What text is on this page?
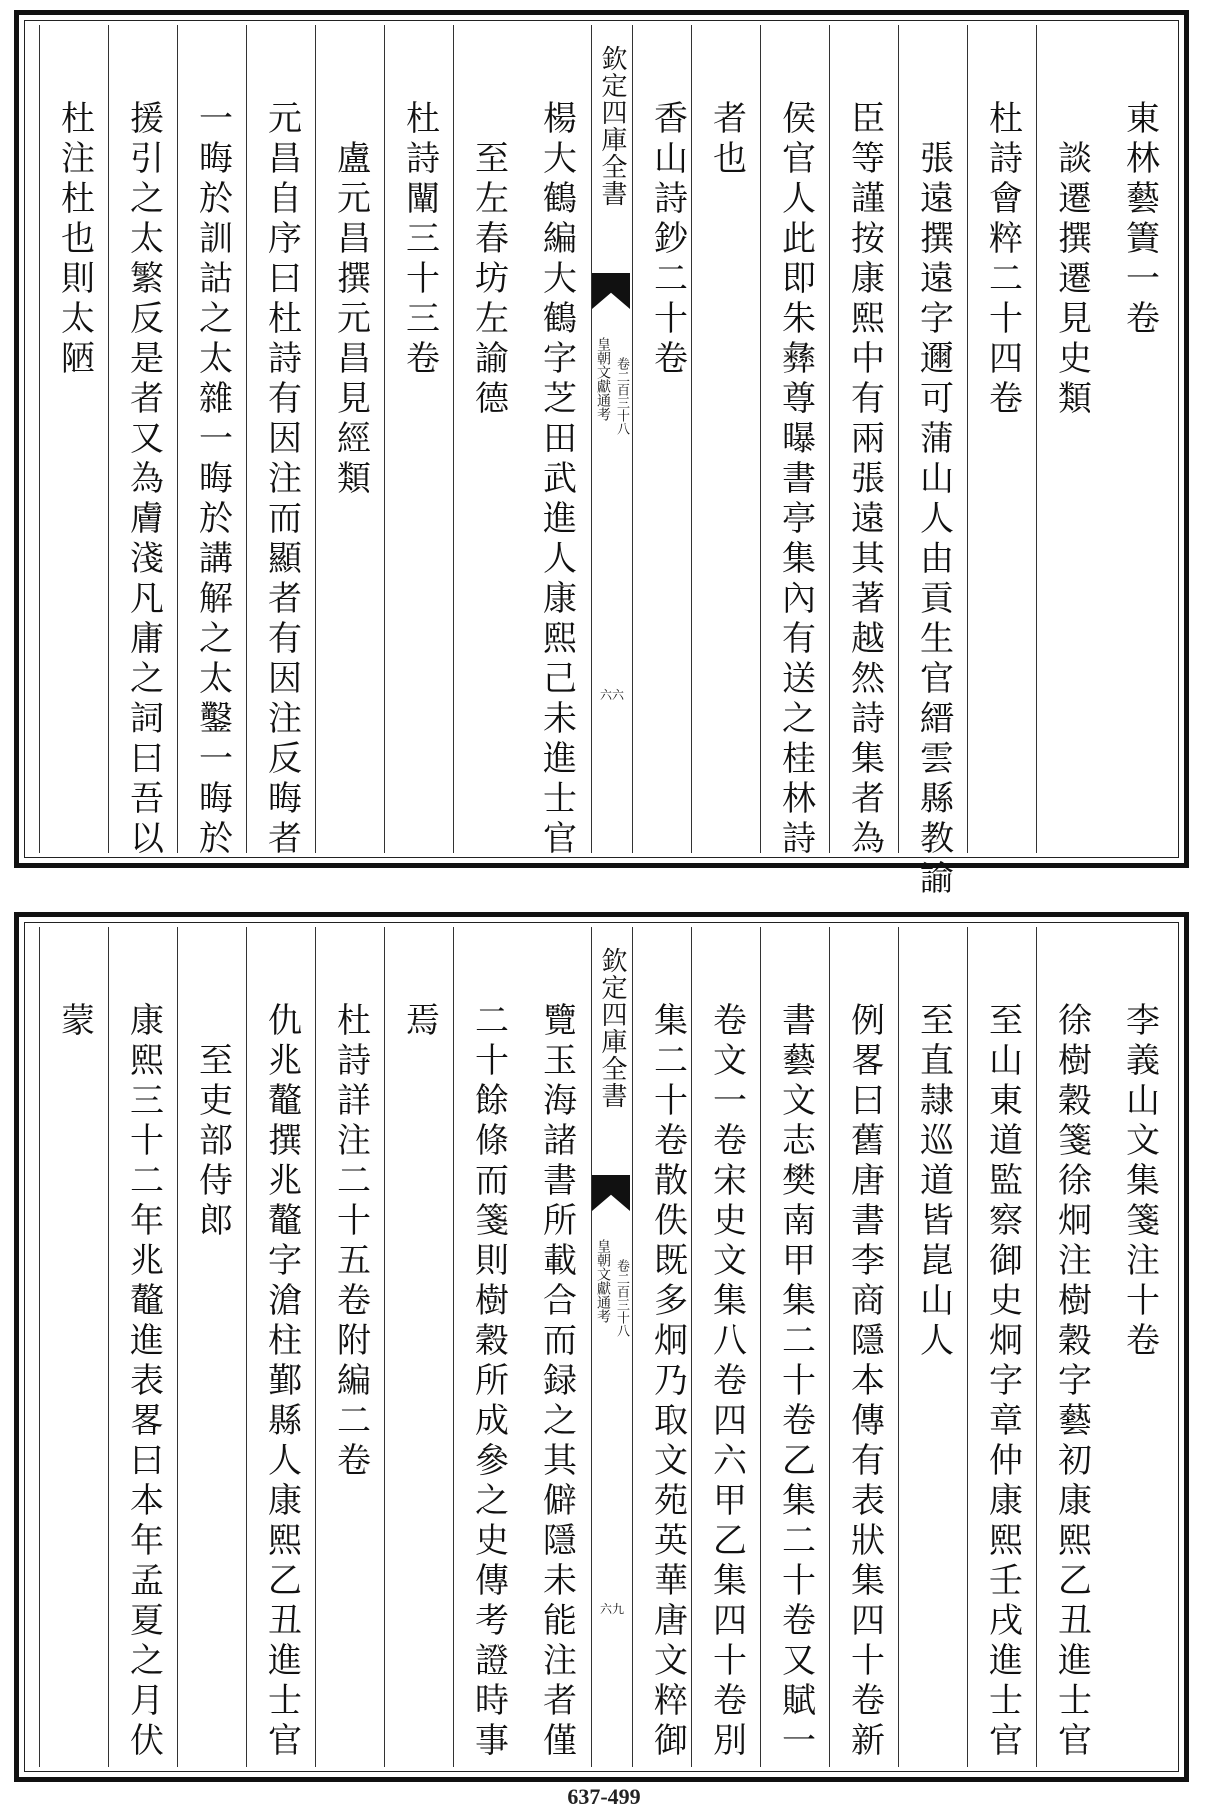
東林藝簀一卷
談遷撰遷見史類
杜詩會粹二十四卷
張遠撰遠字邇可蒲山人由貢生官縉雲縣教諭
臣等謹按康熙中有兩張遠其著越然詩集者為
侯官人此即朱彝尊曝書亭集內有送之桂林詩
者也
香山詩鈔二十卷
欽定四庫全書
皇朝文獻通考 卷二百三十八
六六
楊大鶴編大鶴字芝田武進人康熙己未進士官
至左春坊左諭德
杜詩闡三十三卷
盧元昌撰元昌見經類
元昌自序曰杜詩有因注而顯者有因注反晦者
一晦於訓詁之太雜一晦於講解之太鑿一晦於
援引之太繁反是者又為膚淺凡庸之詞曰吾以
杜注杜也則太陋
李義山文集箋注十卷
徐樹穀箋徐炯注樹穀字藝初康熙乙丑進士官
至山東道監察御史炯字章仲康熙壬戌進士官
至直隷巡道皆崑山人
例畧曰舊唐書李商隱本傳有表狀集四十卷新
書藝文志樊南甲集二十卷乙集二十卷又賦一
卷文一卷宋史文集八卷四六甲乙集四十卷別
集二十卷散佚既多炯乃取文苑英華唐文粹御
欽定四庫全書
皇朝文獻通考 卷二百三十八
六九
覽玉海諸書所載合而録之其僻隱未能注者僅
二十餘條而箋則樹穀所成參之史傳考證時事
焉
杜詩詳注二十五卷附編二卷
仇兆鼇撰兆鼇字滄柱鄞縣人康熙乙丑進士官
至吏部侍郎
康熙三十二年兆鼇進表畧曰本年孟夏之月伏
蒙
637-499
